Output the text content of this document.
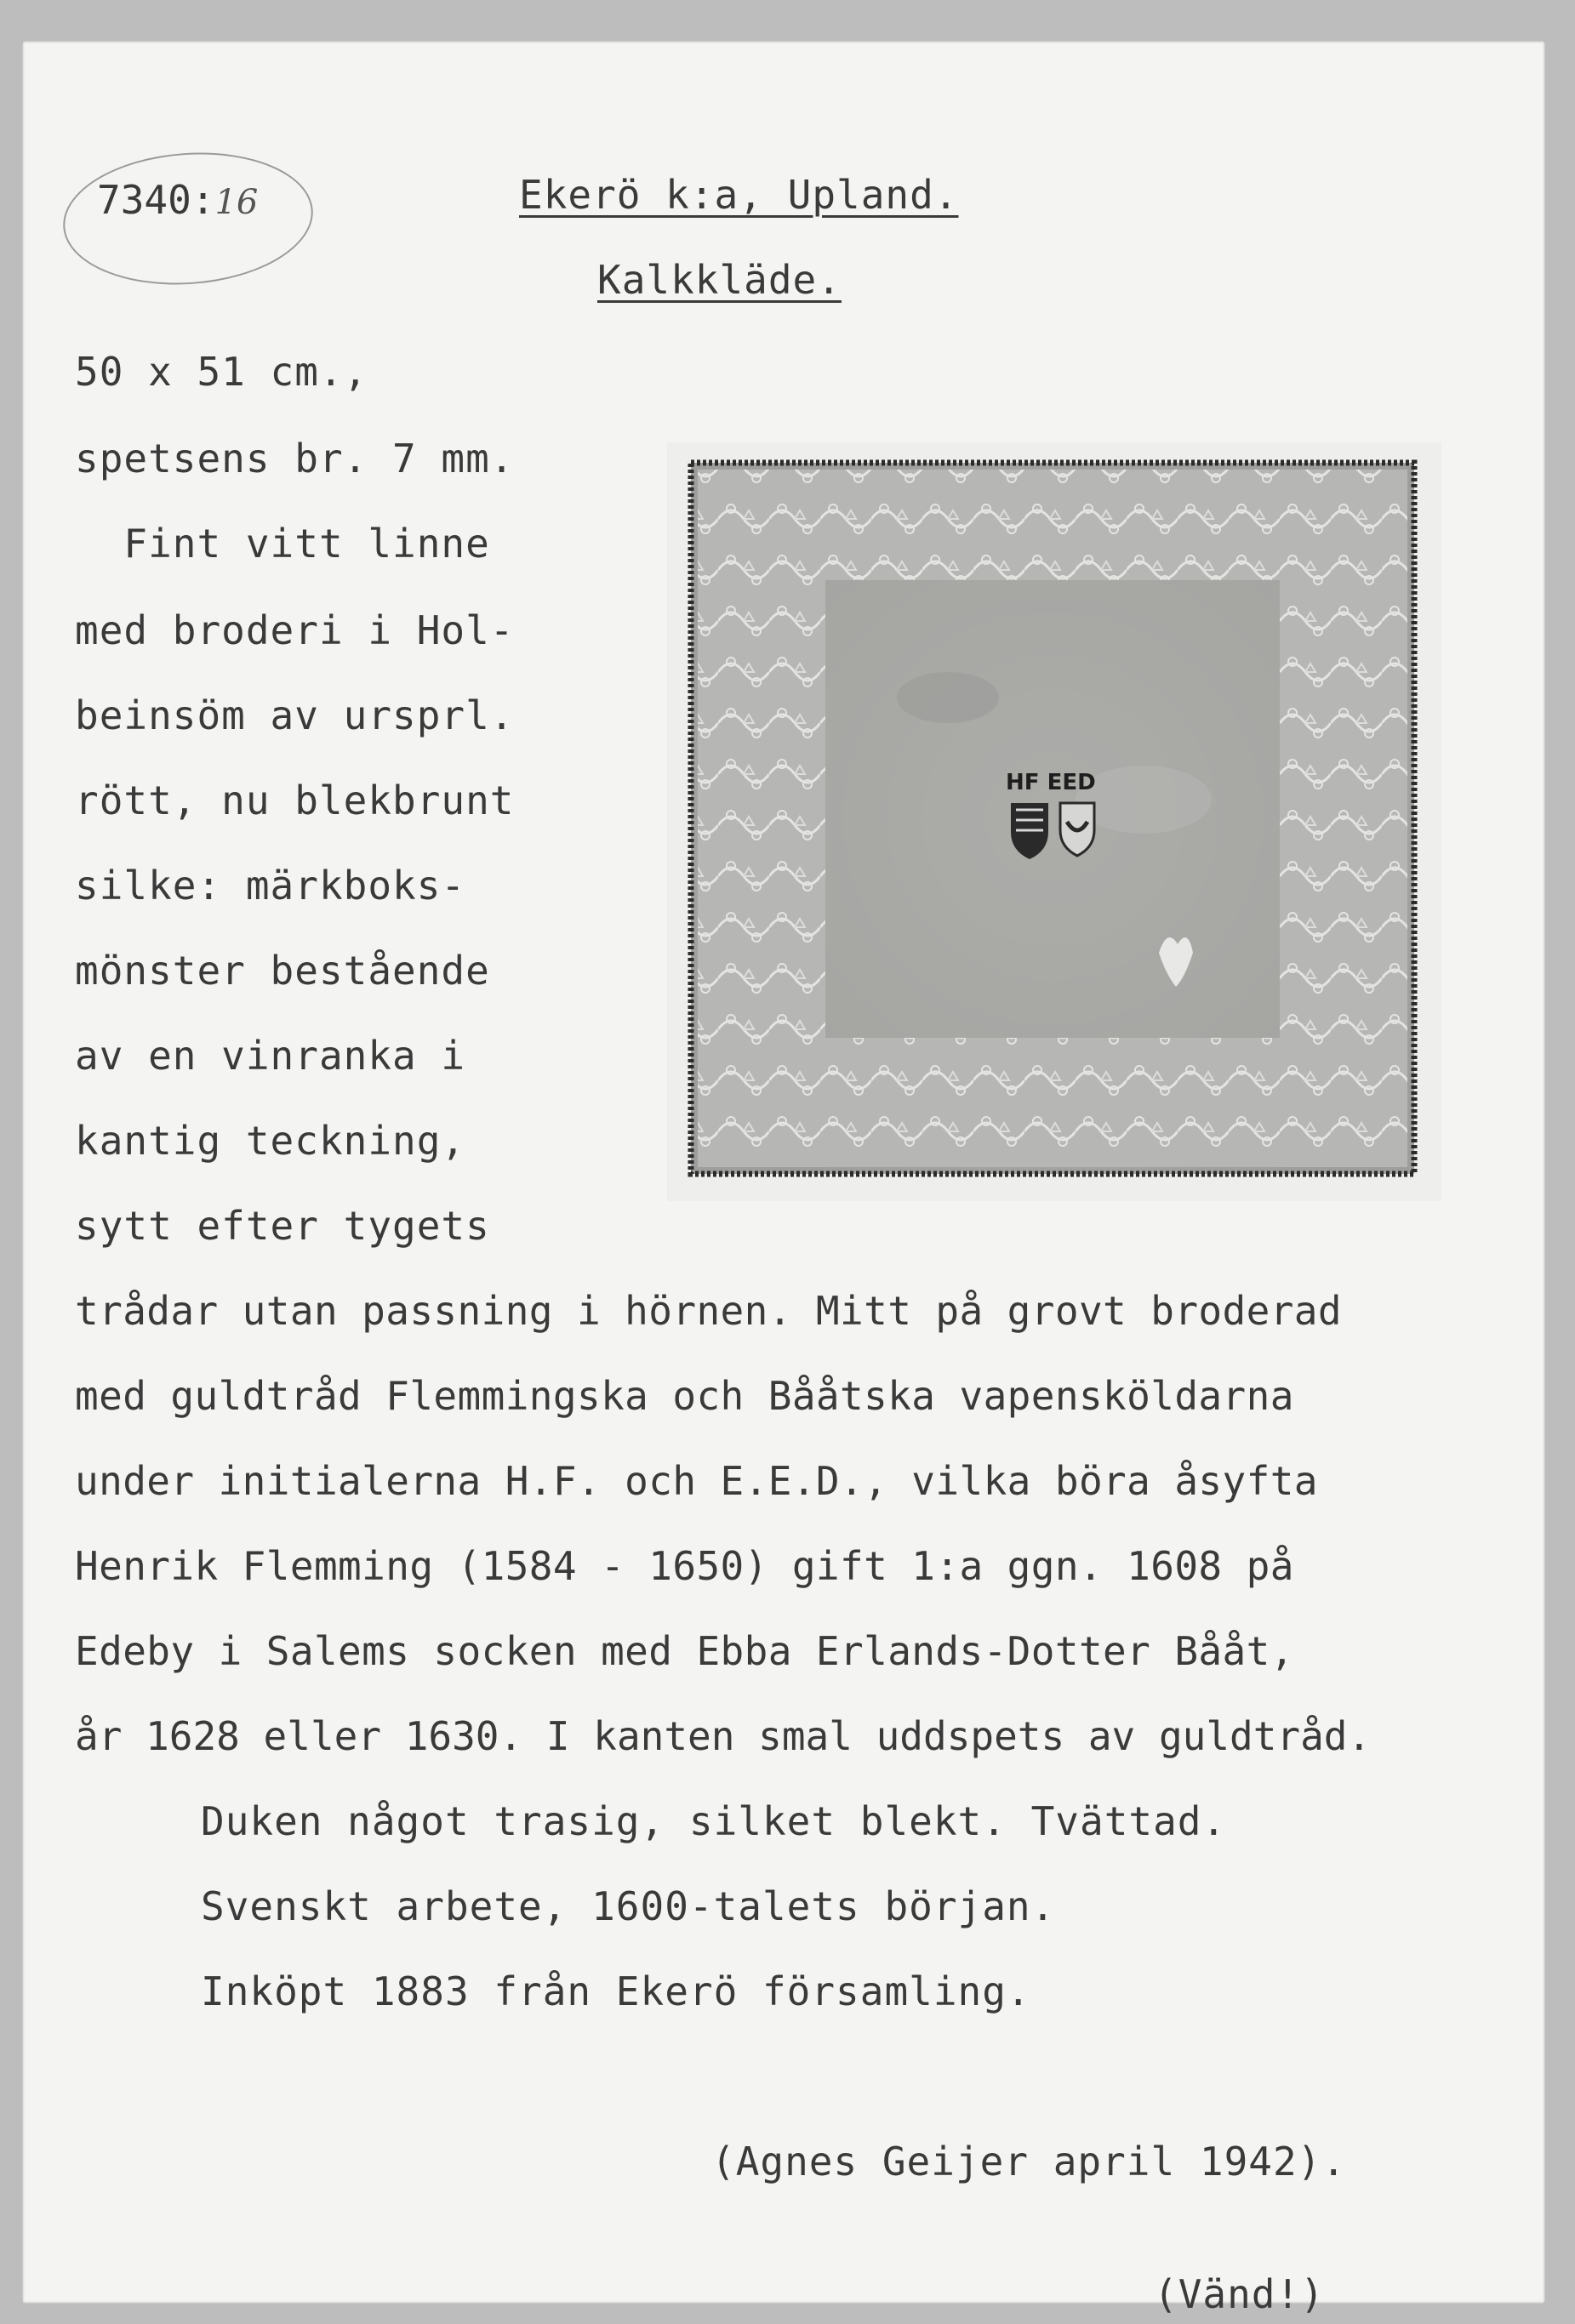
7340:16	Ekerö k:a, Upland.
Kalkkläde.
50 x 51 cm.,
spetsens br. 7 mm.
Fint vitt linne
med broderi i Hol-
beinsöm av ursprl.
rött, nu blekbrunt
silke: märkboks-
mönster bestående
av en vinranka i
kantig teckning,
sytt efter tygets
trådar utan passning i hörnen. Mitt på grovt broderad
med guldtråd Flemmingska och Bååtska vapensköldarna
under initialerna H.F. och E.E.D., vilka böra åsyfta
Henrik Flemming (1584 - 1650) gift 1:a ggn. 1608 på
Edeby i Salems socken med Ebba Erlands-Dotter Bååt,
år 1628 eller 1630. I kanten smal uddspets av guldtråd.
Duken något trasig, silket blekt. Tvättad.
Svenskt arbete, 1600-talets början.
Inköpt 1883 från Ekerö församling.
(Agnes Geijer april 1942).
(Vänd!)
HF EED
